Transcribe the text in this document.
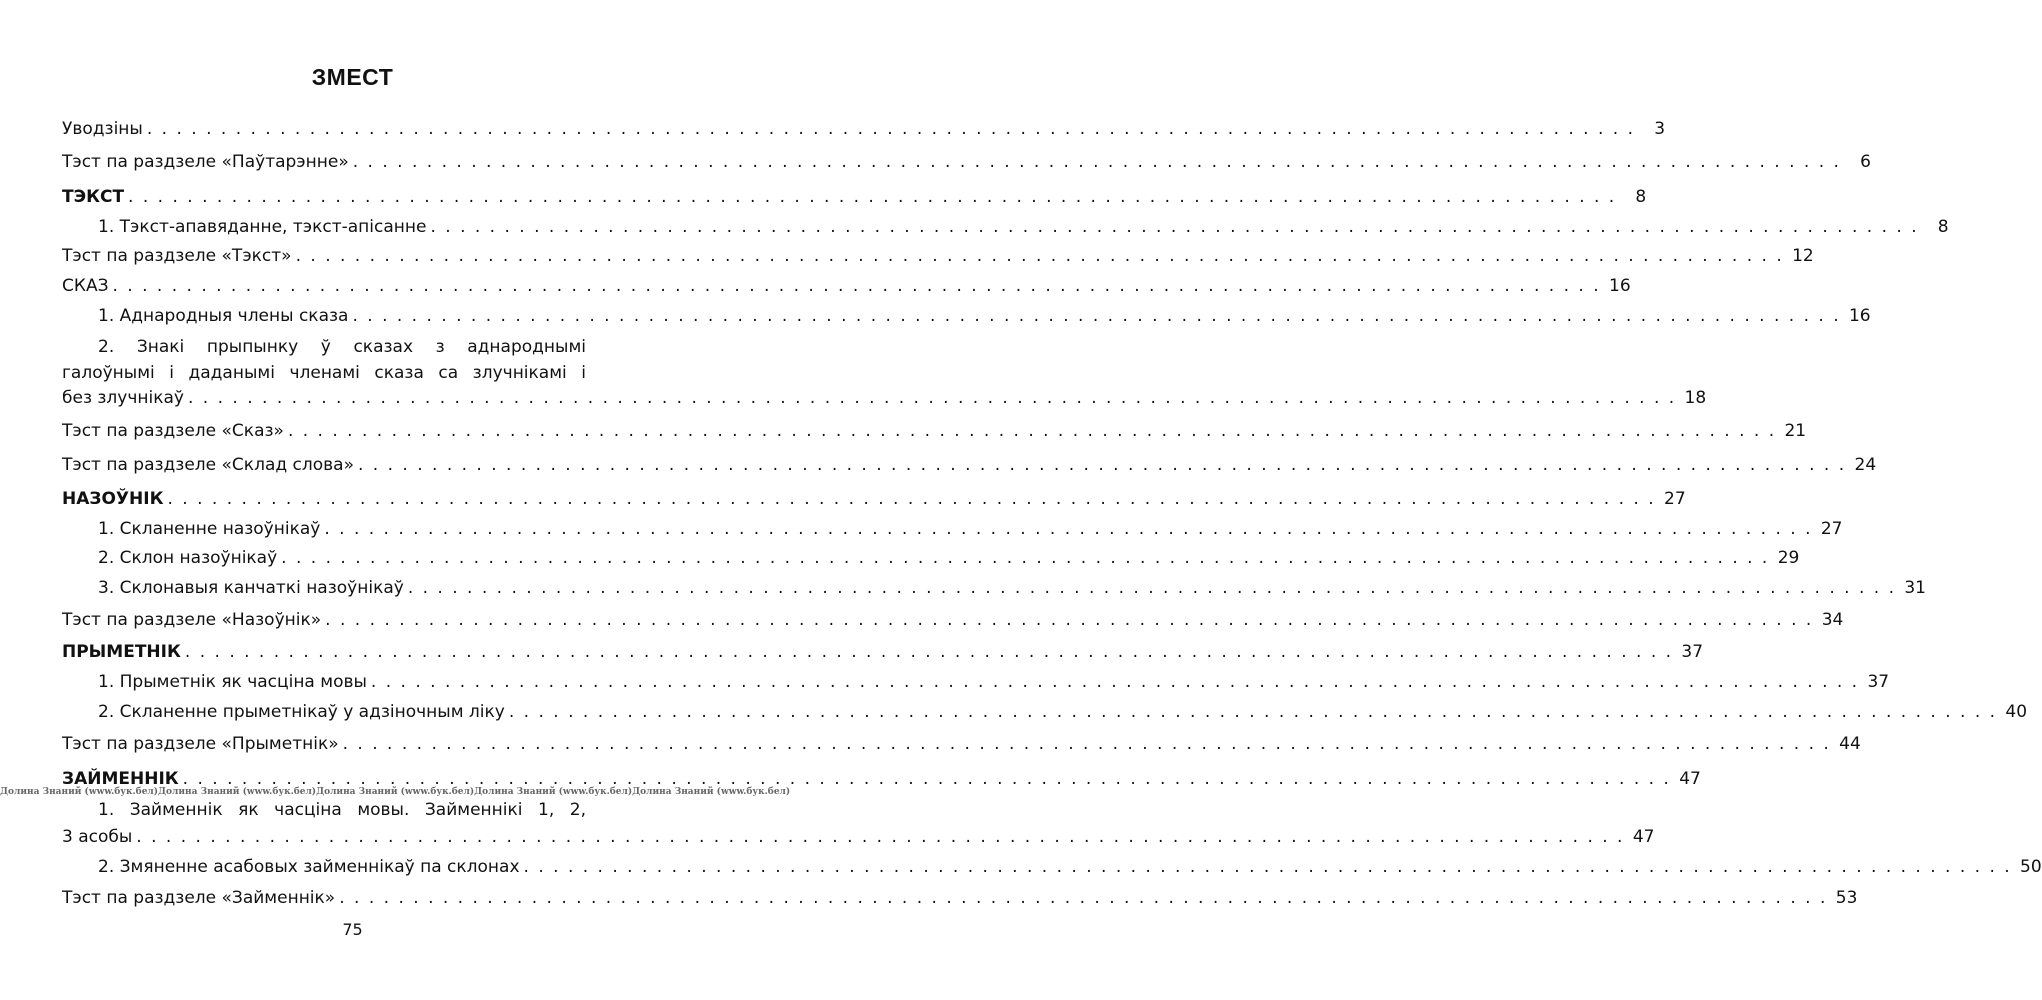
ЗМЕСТ
Уводзіны . . .	3
Тэст па раздзеле «Паўтарэнне» . . .	6
ТЭКСТ . . .	8
1. Тэкст-апавяданне, тэкст-апісанне . . .	8
Тэст па раздзеле «Тэкст» . . .	12
СКАЗ . . .	16
1. Аднародныя члены сказа . . .	16
2. Знакі прыпынку ў сказах з аднароднымі
галоўнымі і даданымі членамі сказа са злучнікамі і
без злучнікаў . . .	18
Тэст па раздзеле «Сказ» . . .	21
Тэст па раздзеле «Склад слова» . . .	24
НАЗОЎНІК . . .	27
1. Скланенне назоўнікаў . . .	27
2. Склон назоўнікаў . . .	29
3. Склонавыя канчаткі назоўнікаў . . .	31
Тэст па раздзеле «Назоўнік» . . .	34
ПРЫМЕТНІК . . .	37
1. Прыметнік як часціна мовы . . .	37
2. Скланенне прыметнікаў у адзіночным ліку . . .	40
Тэст па раздзеле «Прыметнік» . . .	44
ЗАЙМЕННІК . . .	47
1. Займеннік як часціна мовы. Займеннікі 1, 2,
3 асобы . . .	47
2. Змяненне асабовых займеннікаў па склонах . . .	50
Тэст па раздзеле «Займеннік» . . .	53
Долина Знаний (www.бук.бел) Долина Знаний (www.бук.бел) Долина Знаний (www.бук.бел) Долина Знаний (www.бук.бел) Долина Знаний (www.бук.бел)
75
